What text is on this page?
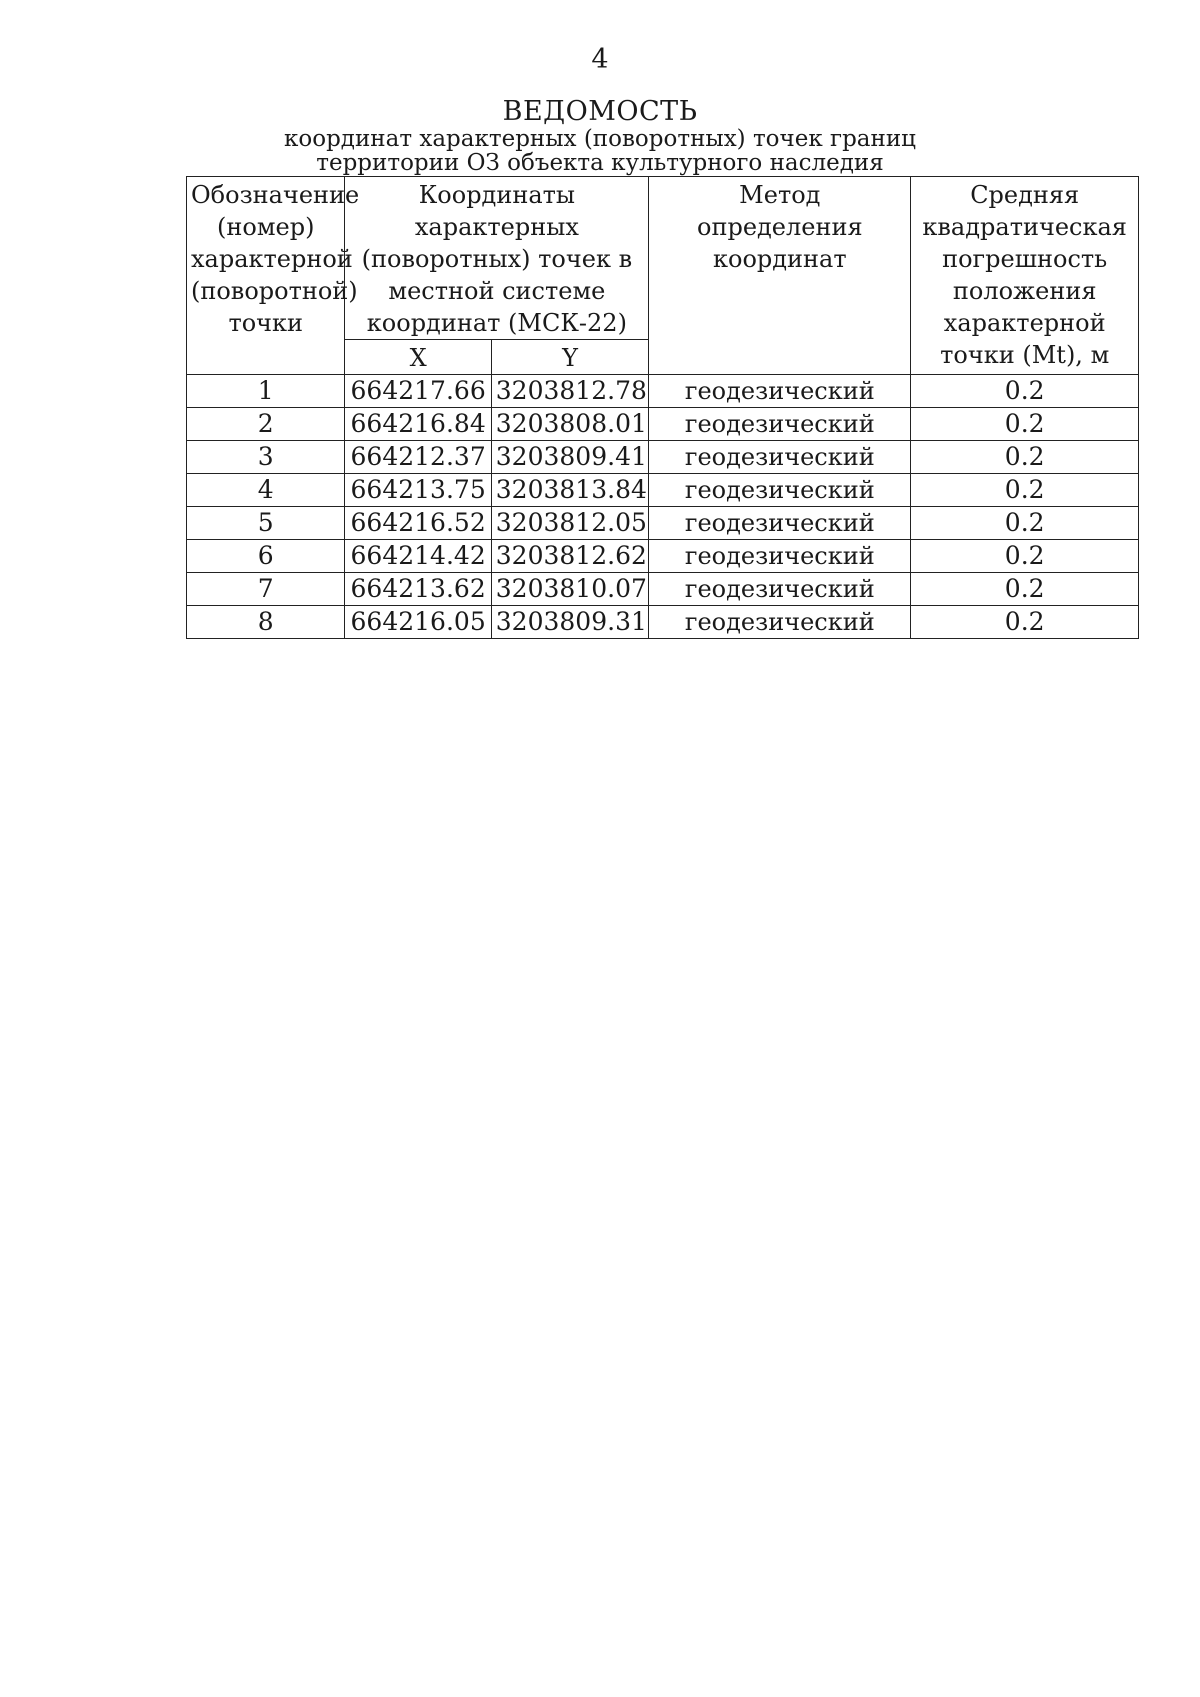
4
ВЕДОМОСТЬ
координат характерных (поворотных) точек границ
территории ОЗ объекта культурного наследия
Обозначение (номер) характерной (поворотной) точки	Координаты характерных (поворотных) точек в местной системе координат (МСК-22)		Метод определения координат	Средняя квадратическая погрешность положения характерной точки (Mt), м
	X	Y		
1	664217.66	3203812.78	геодезический	0.2
2	664216.84	3203808.01	геодезический	0.2
3	664212.37	3203809.41	геодезический	0.2
4	664213.75	3203813.84	геодезический	0.2
5	664216.52	3203812.05	геодезический	0.2
6	664214.42	3203812.62	геодезический	0.2
7	664213.62	3203810.07	геодезический	0.2
8	664216.05	3203809.31	геодезический	0.2
